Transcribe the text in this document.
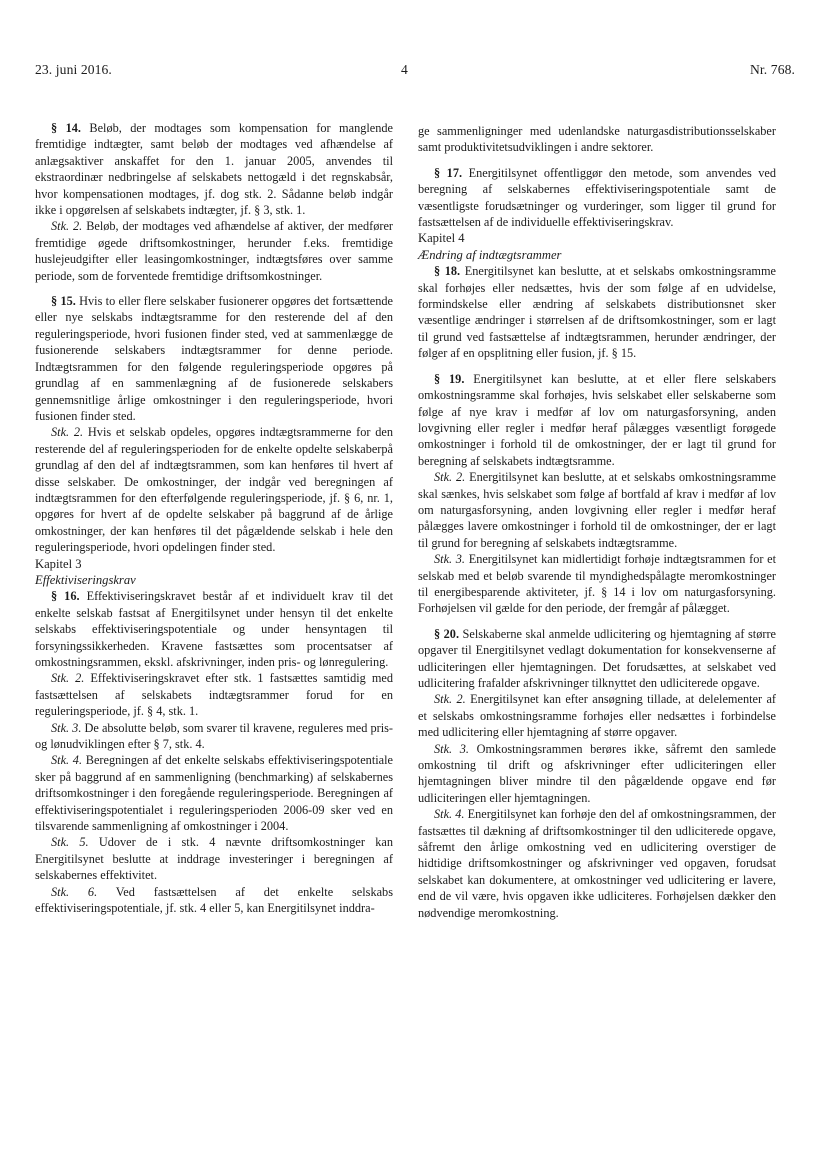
23. juni 2016.	4	Nr. 768.

§ 14. Beløb, der modtages som kompensation for manglende fremtidige indtægter, samt beløb der modtages ved afhændelse af anlægsaktiver anskaffet for den 1. januar 2005, anvendes til ekstraordinær nedbringelse af selskabets nettogæld i det regnskabsår, hvor kompensationen modtages, jf. dog stk. 2. Sådanne beløb indgår ikke i opgørelsen af selskabets indtægter, jf. § 3, stk. 1.

Stk. 2. Beløb, der modtages ved afhændelse af aktiver, der medfører fremtidige øgede driftsomkostninger, herunder f.eks. fremtidige huslejeudgifter eller leasingomkostninger, indtægtsføres over samme periode, som de forventede fremtidige driftsomkostninger.

§ 15. Hvis to eller flere selskaber fusionerer opgøres det fortsættende eller nye selskabs indtægtsramme for den resterende del af den reguleringsperiode, hvori fusionen finder sted, ved at sammenlægge de fusionerende selskabers indtægtsrammer for denne periode. Indtægtsrammen for den følgende reguleringsperiode opgøres på grundlag af en sammenlægning af de fusionerede selskabers gennemsnitlige årlige omkostninger i den reguleringsperiode, hvori fusionen finder sted.

Stk. 2. Hvis et selskab opdeles, opgøres indtægtsrammerne for den resterende del af reguleringsperioden for de enkelte opdelte selskaberpå grundlag af den del af indtægtsrammen, som kan henføres til hvert af disse selskaber. De omkostninger, der indgår ved beregningen af indtægtsrammen for den efterfølgende reguleringsperiode, jf. § 6, nr. 1, opgøres for hvert af de opdelte selskaber på baggrund af de årlige omkostninger, der kan henføres til det pågældende selskab i hele den reguleringsperiode, hvori opdelingen finder sted.

Kapitel 3

Effektiviseringskrav

§ 16. Effektiviseringskravet består af et individuelt krav til det enkelte selskab fastsat af Energitilsynet under hensyn til det enkelte selskabs effektiviseringspotentiale og under hensyntagen til forsyningssikkerheden. Kravene fastsættes som procentsatser af omkostningsrammen, ekskl. afskrivninger, inden pris- og lønregulering.

Stk. 2. Effektiviseringskravet efter stk. 1 fastsættes samtidig med fastsættelsen af selskabets indtægtsrammer forud for en reguleringsperiode, jf. § 4, stk. 1.

Stk. 3. De absolutte beløb, som svarer til kravene, reguleres med pris- og lønudviklingen efter § 7, stk. 4.

Stk. 4. Beregningen af det enkelte selskabs effektiviseringspotentiale sker på baggrund af en sammenligning (benchmarking) af selskabernes driftsomkostninger i den foregående reguleringsperiode. Beregningen af effektiviseringspotentialet i reguleringsperioden 2006-09 sker ved en tilsvarende sammenligning af omkostninger i 2004.

Stk. 5. Udover de i stk. 4 nævnte driftsomkostninger kan Energitilsynet beslutte at inddrage investeringer i beregningen af selskabernes effektivitet.

Stk. 6. Ved fastsættelsen af det enkelte selskabs effektiviseringspotentiale, jf. stk. 4 eller 5, kan Energitilsynet inddra-

ge sammenligninger med udenlandske naturgasdistributionsselskaber samt produktivitetsudviklingen i andre sektorer.

§ 17. Energitilsynet offentliggør den metode, som anvendes ved beregning af selskabernes effektiviseringspotentiale samt de væsentligste forudsætninger og vurderinger, som ligger til grund for fastsættelsen af de individuelle effektiviseringskrav.

Kapitel 4

Ændring af indtægtsrammer

§ 18. Energitilsynet kan beslutte, at et selskabs omkostningsramme skal forhøjes eller nedsættes, hvis der som følge af en udvidelse, formindskelse eller ændring af selskabets distributionsnet sker væsentlige ændringer i størrelsen af de driftsomkostninger, som er lagt til grund ved fastsættelse af indtægtsrammen, herunder ændringer, der følger af en opsplitning eller fusion, jf. § 15.

§ 19. Energitilsynet kan beslutte, at et eller flere selskabers omkostningsramme skal forhøjes, hvis selskabet eller selskaberne som følge af nye krav i medfør af lov om naturgasforsyning, anden lovgivning eller regler i medfør heraf pålægges væsentligt forøgede omkostninger i forhold til de omkostninger, der er lagt til grund for beregning af selskabets indtægtsramme.

Stk. 2. Energitilsynet kan beslutte, at et selskabs omkostningsramme skal sænkes, hvis selskabet som følge af bortfald af krav i medfør af lov om naturgasforsyning, anden lovgivning eller regler i medfør heraf pålægges lavere omkostninger i forhold til de omkostninger, der er lagt til grund for beregning af selskabets indtægtsramme.

Stk. 3. Energitilsynet kan midlertidigt forhøje indtægtsrammen for et selskab med et beløb svarende til myndighedspålagte meromkostninger til energibesparende aktiviteter, jf. § 14 i lov om naturgasforsyning. Forhøjelsen vil gælde for den periode, der fremgår af pålægget.

§ 20. Selskaberne skal anmelde udlicitering og hjemtagning af større opgaver til Energitilsynet vedlagt dokumentation for konsekvenserne af udliciteringen eller hjemtagningen. Det forudsættes, at selskabet ved udlicitering frafalder afskrivninger tilknyttet den udliciterede opgave.

Stk. 2. Energitilsynet kan efter ansøgning tillade, at delelementer af et selskabs omkostningsramme forhøjes eller nedsættes i forbindelse med udlicitering eller hjemtagning af større opgaver.

Stk. 3. Omkostningsrammen berøres ikke, såfremt den samlede omkostning til drift og afskrivninger efter udliciteringen eller hjemtagningen bliver mindre til den pågældende opgave end før udliciteringen eller hjemtagningen.

Stk. 4. Energitilsynet kan forhøje den del af omkostningsrammen, der fastsættes til dækning af driftsomkostninger til den udliciterede opgave, såfremt den årlige omkostning ved en udlicitering overstiger de hidtidige driftsomkostninger og afskrivninger ved opgaven, forudsat selskabet kan dokumentere, at omkostninger ved udlicitering er lavere, end de vil være, hvis opgaven ikke udliciteres. Forhøjelsen dækker den nødvendige meromkostning.
